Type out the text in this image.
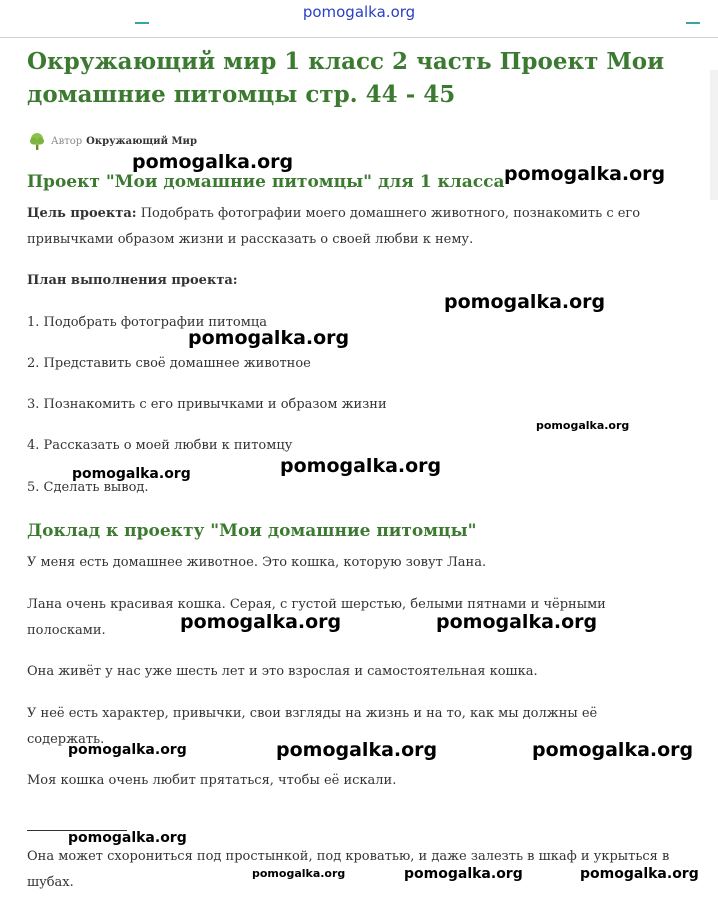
pomogalka.org
Окружающий мир 1 класс 2 часть Проект Мои домашние питомцы стр. 44 - 45
Автор Окружающий Мир
Проект "Мои домашние питомцы" для 1 класса

Цель проекта: Подобрать фотографии моего домашнего животного, познакомить с его привычками образом жизни и рассказать о своей любви к нему.

План выполнения проекта:

1. Подобрать фотографии питомца

2. Представить своё домашнее животное

3. Познакомить с его привычками и образом жизни

4. Рассказать о моей любви к питомцу

5. Сделать вывод.

Доклад к проекту "Мои домашние питомцы"

У меня есть домашнее животное. Это кошка, которую зовут Лана.

Лана очень красивая кошка. Серая, с густой шерстью, белыми пятнами и чёрными полосками.

Она живёт у нас уже шесть лет и это взрослая и самостоятельная кошка.

У неё есть характер, привычки, свои взгляды на жизнь и на то, как мы должны её содержать.

Моя кошка очень любит прятаться, чтобы её искали.

Она может схорониться под простынкой, под кроватью, и даже залезть в шкаф и укрыться в шубах.

pomogalka.org
pomogalka.org
pomogalka.org
pomogalka.org
pomogalka.org
pomogalka.org
pomogalka.org
pomogalka.org	pomogalka.org
pomogalka.org	pomogalka.org	pomogalka.org
pomogalka.org
pomogalka.org	pomogalka.org	pomogalka.org
